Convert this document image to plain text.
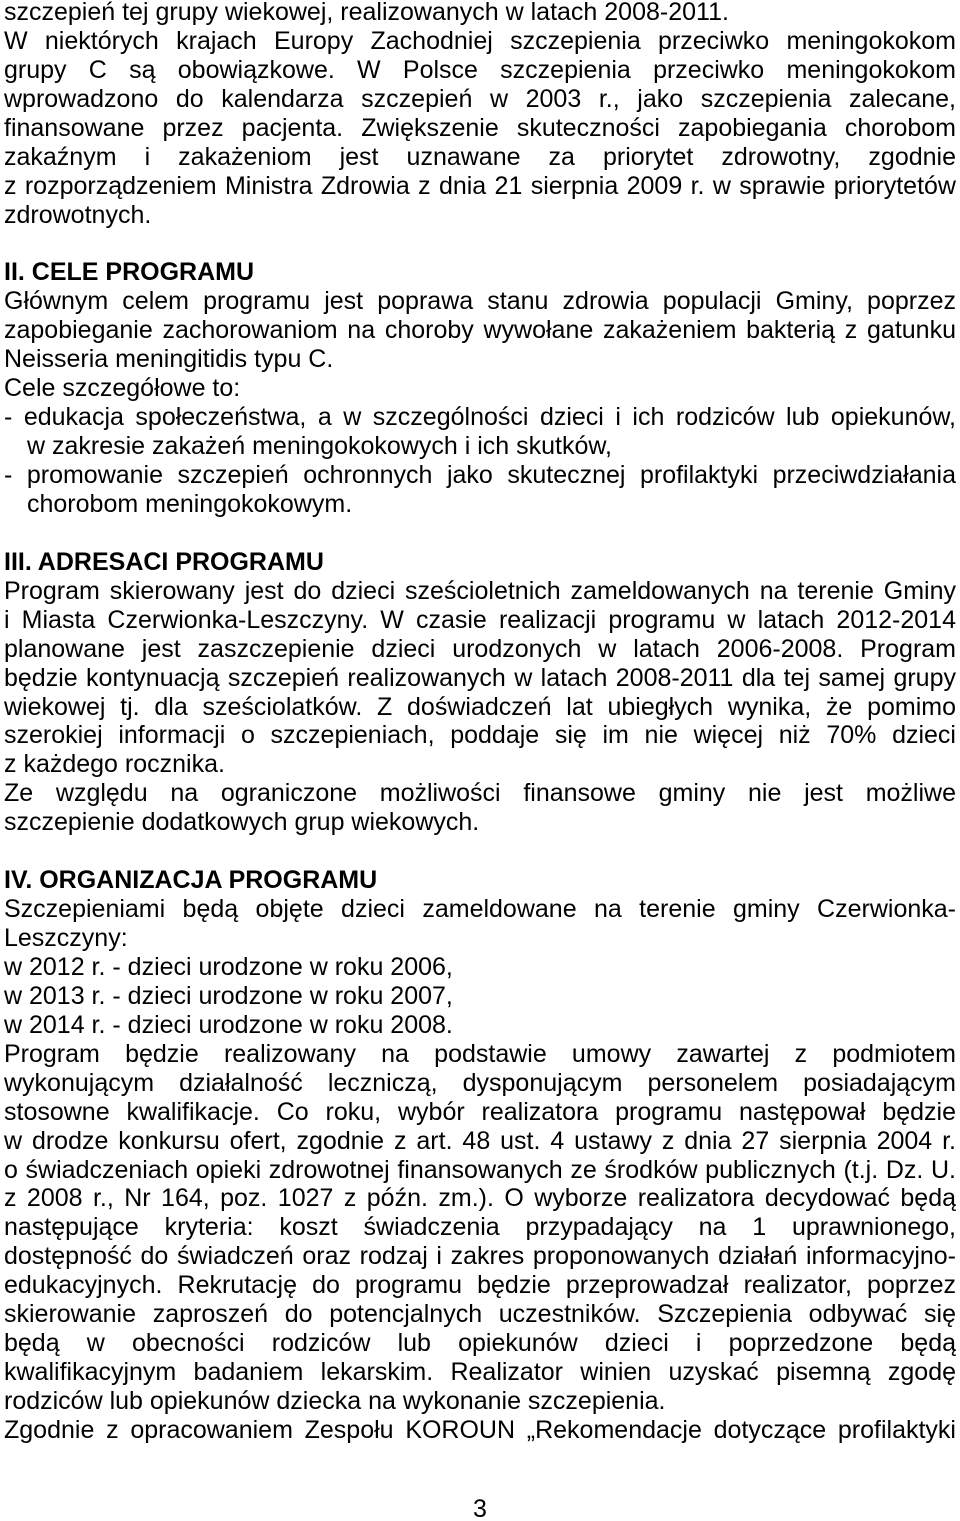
szczepień tej grupy wiekowej, realizowanych w latach 2008-2011.
W niektórych krajach Europy Zachodniej szczepienia przeciwko meningokokom
grupy C są obowiązkowe. W Polsce szczepienia przeciwko meningokokom
wprowadzono do kalendarza szczepień w 2003 r., jako szczepienia zalecane,
finansowane przez pacjenta. Zwiększenie skuteczności zapobiegania chorobom
zakaźnym i zakażeniom jest uznawane za priorytet zdrowotny, zgodnie
z rozporządzeniem Ministra Zdrowia z dnia 21 sierpnia 2009 r. w sprawie priorytetów
zdrowotnych.
II. CELE PROGRAMU
Głównym celem programu jest poprawa stanu zdrowia populacji Gminy, poprzez
zapobieganie zachorowaniom na choroby wywołane zakażeniem bakterią z gatunku
Neisseria meningitidis typu C.
Cele szczegółowe to:
- edukacja społeczeństwa, a w szczególności dzieci i ich rodziców lub opiekunów,
w zakresie zakażeń meningokokowych i ich skutków,
- promowanie szczepień ochronnych jako skutecznej profilaktyki przeciwdziałania
chorobom meningokokowym.
III. ADRESACI PROGRAMU
Program skierowany jest do dzieci sześcioletnich zameldowanych na terenie Gminy
i Miasta Czerwionka-Leszczyny. W czasie realizacji programu w latach 2012-2014
planowane jest zaszczepienie dzieci urodzonych w latach 2006-2008. Program
będzie kontynuacją szczepień realizowanych w latach 2008-2011 dla tej samej grupy
wiekowej tj. dla sześciolatków. Z doświadczeń lat ubiegłych wynika, że pomimo
szerokiej informacji o szczepieniach, poddaje się im nie więcej niż 70% dzieci
z każdego rocznika.
Ze względu na ograniczone możliwości finansowe gminy nie jest możliwe
szczepienie dodatkowych grup wiekowych.
IV. ORGANIZACJA PROGRAMU
Szczepieniami będą objęte dzieci zameldowane na terenie gminy Czerwionka-
Leszczyny:
w 2012 r. - dzieci urodzone w roku 2006,
w 2013 r. - dzieci urodzone w roku 2007,
w 2014 r. - dzieci urodzone w roku 2008.
Program będzie realizowany na podstawie umowy zawartej z podmiotem
wykonującym działalność leczniczą, dysponującym personelem posiadającym
stosowne kwalifikacje. Co roku, wybór realizatora programu następował będzie
w drodze konkursu ofert, zgodnie z art. 48 ust. 4 ustawy z dnia 27 sierpnia 2004 r.
o świadczeniach opieki zdrowotnej finansowanych ze środków publicznych (t.j. Dz. U.
z 2008 r., Nr 164, poz. 1027 z późn. zm.). O wyborze realizatora decydować będą
następujące kryteria: koszt świadczenia przypadający na 1 uprawnionego,
dostępność do świadczeń oraz rodzaj i zakres proponowanych działań informacyjno-
edukacyjnych. Rekrutację do programu będzie przeprowadzał realizator, poprzez
skierowanie zaproszeń do potencjalnych uczestników. Szczepienia odbywać się
będą w obecności rodziców lub opiekunów dzieci i poprzedzone będą
kwalifikacyjnym badaniem lekarskim. Realizator winien uzyskać pisemną zgodę
rodziców lub opiekunów dziecka na wykonanie szczepienia.
Zgodnie z opracowaniem Zespołu KOROUN „Rekomendacje dotyczące profilaktyki
3
